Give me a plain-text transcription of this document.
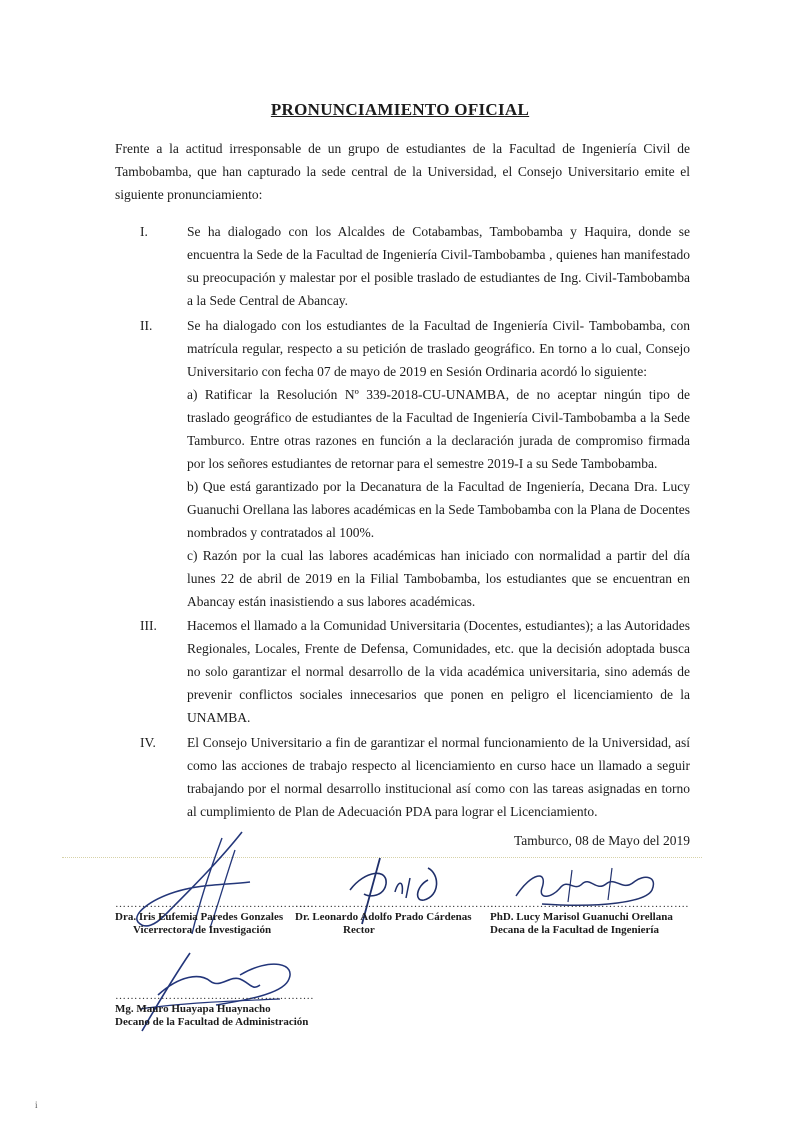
PRONUNCIAMIENTO OFICIAL
Frente a la actitud irresponsable de un grupo de estudiantes de la Facultad de Ingeniería Civil de Tambobamba, que han capturado la sede central de la Universidad, el Consejo Universitario emite el siguiente pronunciamiento:
I.	Se ha dialogado con los Alcaldes de Cotabambas, Tambobamba y Haquira, donde se encuentra la Sede de la Facultad de Ingeniería Civil-Tambobamba , quienes han manifestado su preocupación y malestar por el posible traslado de estudiantes de Ing. Civil-Tambobamba a la Sede Central de Abancay.

II.	Se ha dialogado con los estudiantes de la Facultad de Ingeniería Civil- Tambobamba, con matrícula regular, respecto a su petición de traslado geográfico. En torno a lo cual, Consejo Universitario con fecha 07 de mayo de 2019 en Sesión Ordinaria acordó lo siguiente:

a) Ratificar la Resolución Nº 339-2018-CU-UNAMBA, de no aceptar ningún tipo de traslado geográfico de estudiantes de la Facultad de Ingeniería Civil-Tambobamba a la Sede Tamburco. Entre otras razones en función a la declaración jurada de compromiso firmada por los señores estudiantes de retornar para el semestre 2019-I a su Sede Tambobamba.

b) Que está garantizado por la Decanatura de la Facultad de Ingeniería, Decana Dra. Lucy Guanuchi Orellana las labores académicas en la Sede Tambobamba con la Plana de Docentes nombrados y contratados al 100%.

c) Razón por la cual las labores académicas han iniciado con normalidad a partir del día lunes 22 de abril de 2019 en la Filial Tambobamba, los estudiantes que se encuentran en Abancay están inasistiendo a sus labores académicas.

III.	Hacemos el llamado a la Comunidad Universitaria (Docentes, estudiantes); a las Autoridades Regionales, Locales, Frente de Defensa, Comunidades, etc. que la decisión adoptada busca no solo garantizar el normal desarrollo de la vida académica universitaria, sino además de prevenir conflictos sociales innecesarios que ponen en peligro el licenciamiento de la UNAMBA.

IV.	El Consejo Universitario a fin de garantizar el normal funcionamiento de la Universidad, así como las acciones de trabajo respecto al licenciamiento en curso hace un llamado a seguir trabajando por el normal desarrollo institucional así como con las tareas asignadas en torno al cumplimiento de Plan de Adecuación PDA para lograr el Licenciamiento.

Tamburco, 08 de Mayo del 2019
…………………………………………….
Dra. Iris Eufemia Paredes Gonzales
Vicerrectora de Investigación
…………………………………………….
Dr. Leonardo Adolfo Prado Cárdenas
Rector
…………………………………………….
PhD. Lucy Marisol Guanuchi Orellana
Decana de la Facultad de Ingeniería
…………………………………………….
Mg. Mauro Huayapa Huaynacho
Decano de la Facultad de Administración
i
